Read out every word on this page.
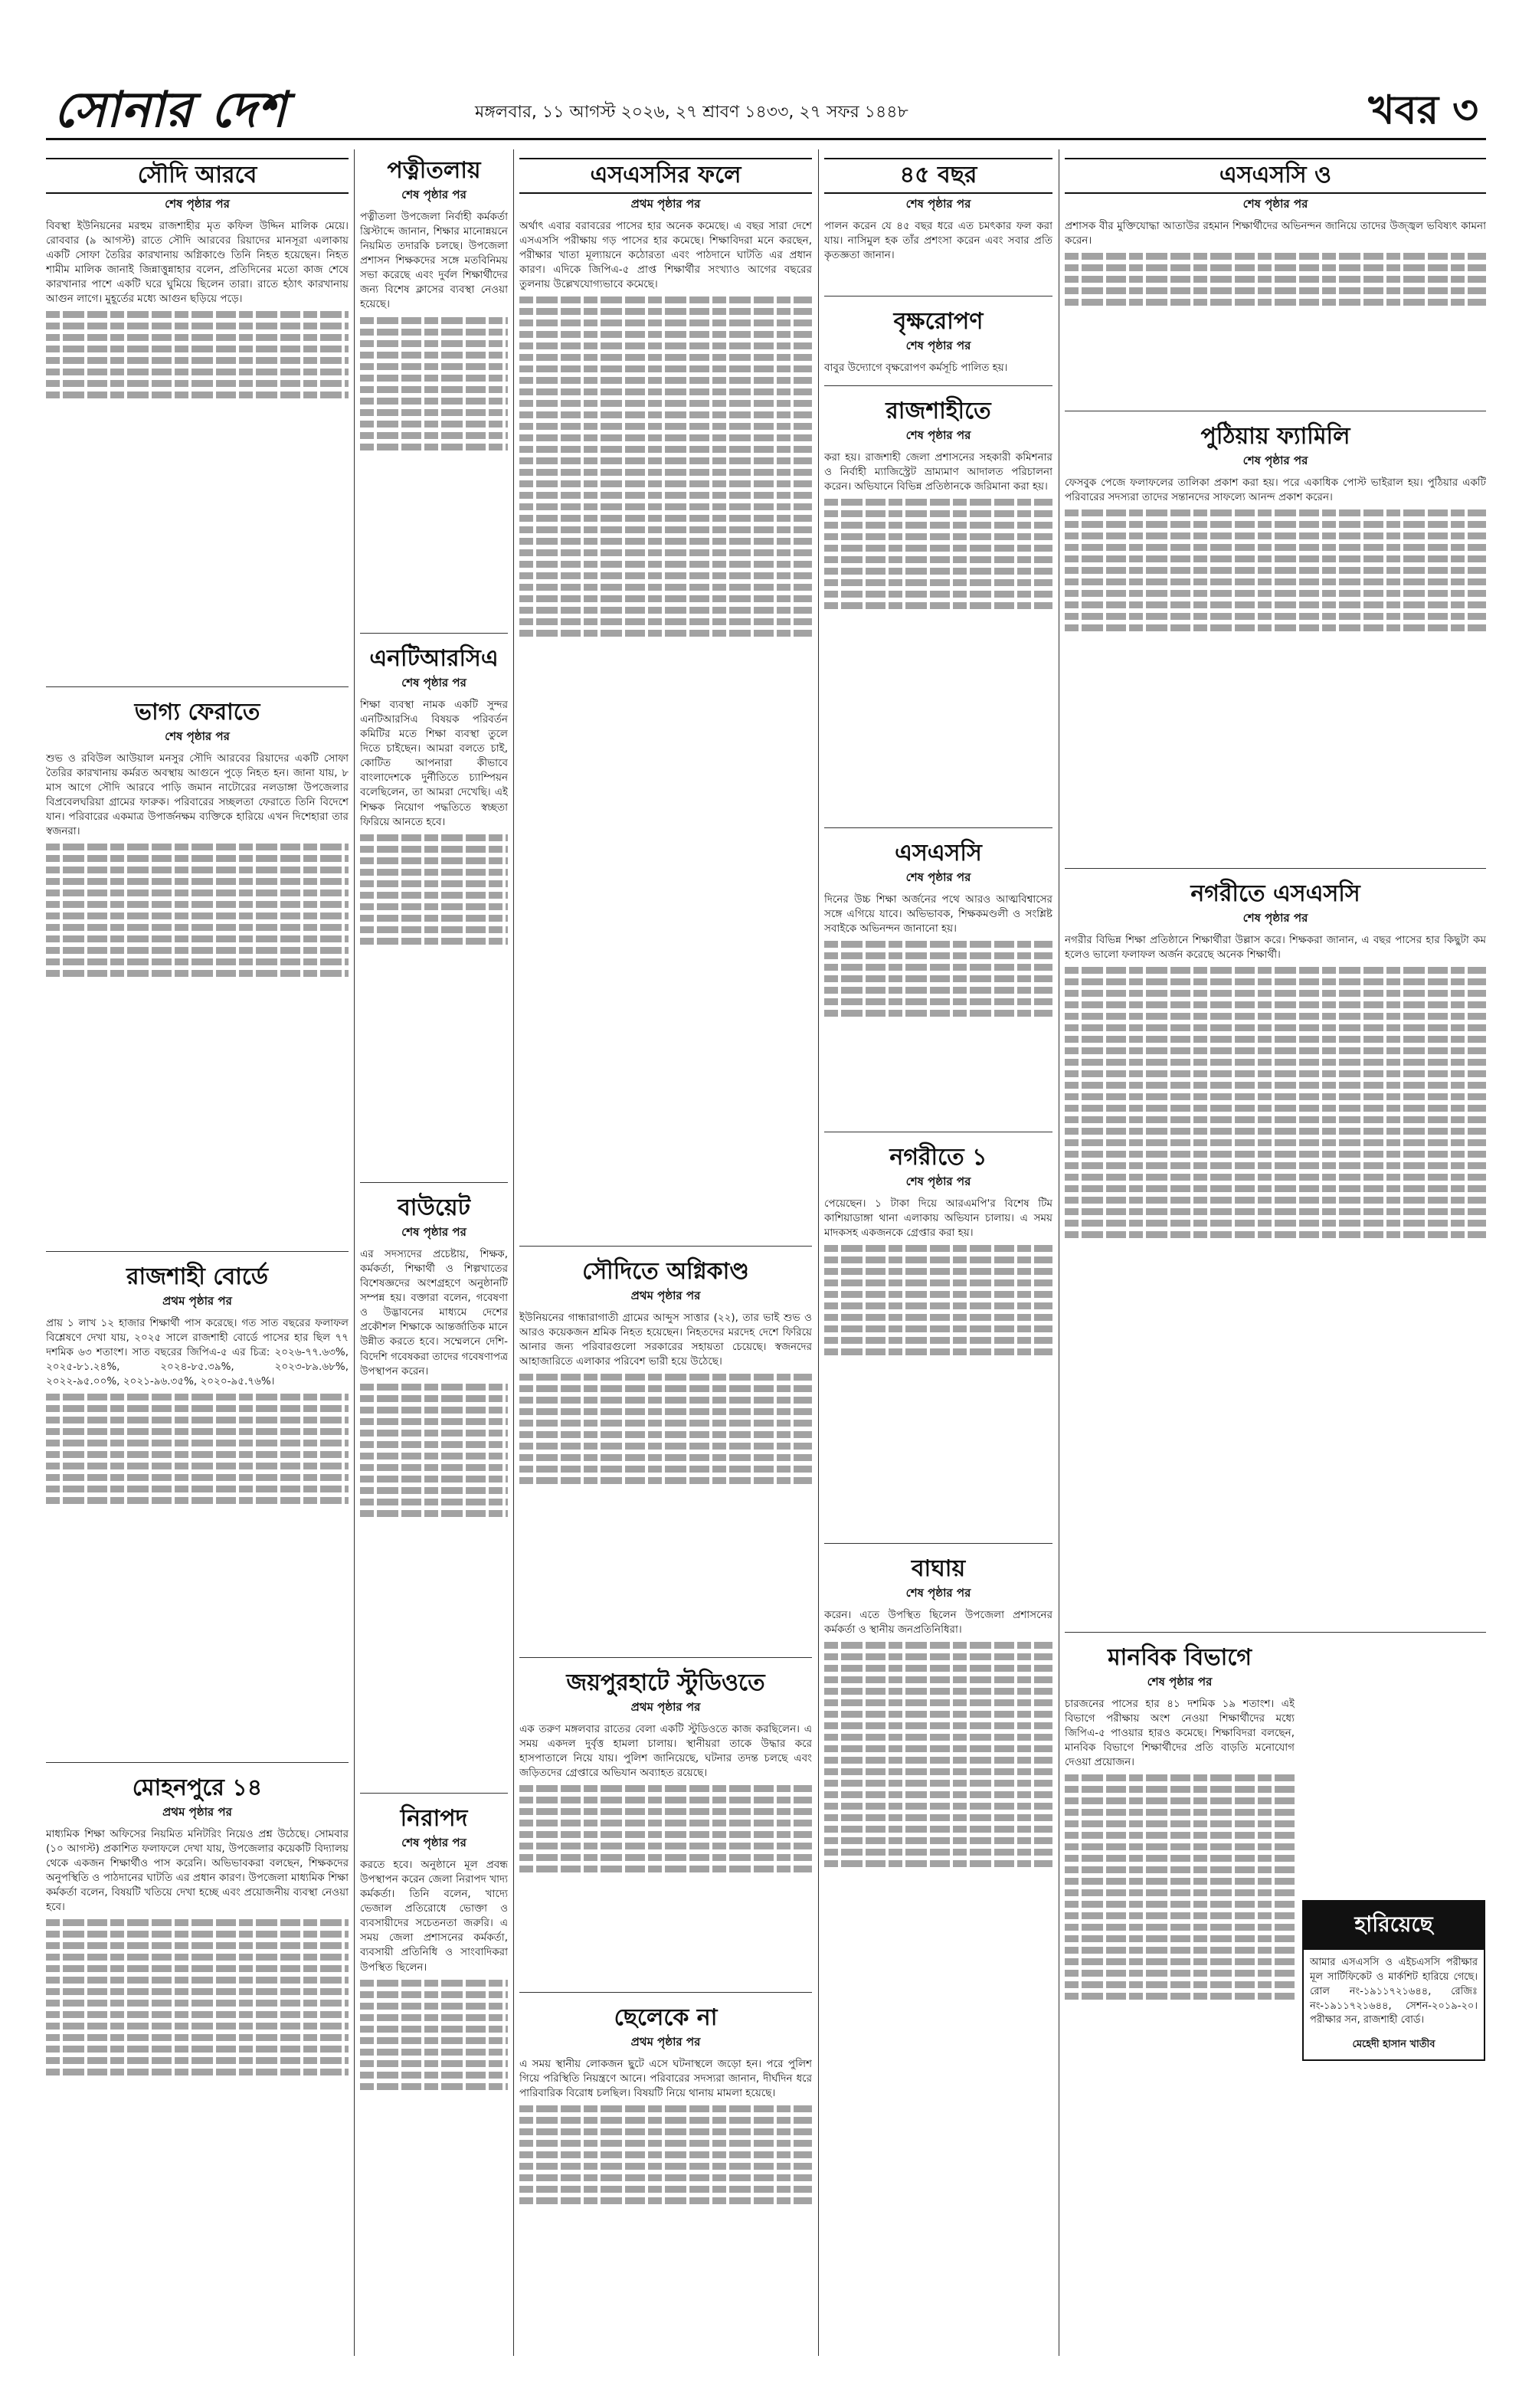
সোনার দেশ	মঙ্গলবার, ১১ আগস্ট ২০২৬, ২৭ শ্রাবণ ১৪৩৩, ২৭ সফর ১৪৪৮	খবর ৩
সৌদি আরবে
শেষ পৃষ্ঠার পর
বিবস্থা ইউনিয়নের মরহুম রাজশাহীর মৃত কফিল উদ্দিন মালিক মেয়ে। রোববার (৯ আগস্ট) রাতে সৌদি আরবের রিয়াদের মানসূরা এলাকায় একটি সোফা তৈরির কারখানায় অগ্নিকাণ্ডে তিনি নিহত হয়েছেন। নিহত শামীম মালিক জানাই জিন্নাত্তুন্নাহার বলেন, প্রতিদিনের মতো কাজ শেষে কারখানার পাশে একটি ঘরে ঘুমিয়ে ছিলেন তারা। রাতে হঠাৎ কারখানায় আগুন লাগে। মুহূর্তের মধ্যে আগুন ছড়িয়ে পড়ে।
ভাগ্য ফেরাতে
শেষ পৃষ্ঠার পর
শুভ ও রবিউল আউয়াল মনসুর সৌদি আরবের রিয়াদের একটি সোফা তৈরির কারখানায় কর্মরত অবস্থায় আগুনে পুড়ে নিহত হন। জানা যায়, ৮ মাস আগে সৌদি আরবে পাড়ি জমান নাটোরের নলডাঙ্গা উপজেলার বিপ্রবেলঘরিয়া গ্রামের ফারুক। পরিবারের সচ্ছলতা ফেরাতে তিনি বিদেশে যান। পরিবারের একমাত্র উপার্জনক্ষম ব্যক্তিকে হারিয়ে এখন দিশেহারা তার স্বজনরা।
রাজশাহী বোর্ডে
প্রথম পৃষ্ঠার পর
প্রায় ১ লাখ ১২ হাজার শিক্ষার্থী পাস করেছে। গত সাত বছরের ফলাফল বিশ্লেষণে দেখা যায়, ২০২৫ সালে রাজশাহী বোর্ডে পাসের হার ছিল ৭৭ দশমিক ৬৩ শতাংশ। সাত বছরের জিপিএ-৫ এর চিত্র: ২০২৬-৭৭.৬৩%, ২০২৫-৮১.২৪%, ২০২৪-৮৫.৩৯%, ২০২৩-৮৯.৬৮%, ২০২২-৯৫.০০%, ২০২১-৯৬.৩৫%, ২০২০-৯৫.৭৬%।
মোহনপুরে ১৪
প্রথম পৃষ্ঠার পর
মাধ্যমিক শিক্ষা অফিসের নিয়মিত মনিটরিং নিয়েও প্রশ্ন উঠেছে। সোমবার (১০ আগস্ট) প্রকাশিত ফলাফলে দেখা যায়, উপজেলার কয়েকটি বিদ্যালয় থেকে একজন শিক্ষার্থীও পাস করেনি। অভিভাবকরা বলছেন, শিক্ষকদের অনুপস্থিতি ও পাঠদানের ঘাটতি এর প্রধান কারণ। উপজেলা মাধ্যমিক শিক্ষা কর্মকর্তা বলেন, বিষয়টি খতিয়ে দেখা হচ্ছে এবং প্রয়োজনীয় ব্যবস্থা নেওয়া হবে।
পত্নীতলায়
শেষ পৃষ্ঠার পর
পত্নীতলা উপজেলা নির্বাহী কর্মকর্তা খ্রিস্টাব্দে জানান, শিক্ষার মানোন্নয়নে নিয়মিত তদারকি চলছে। উপজেলা প্রশাসন শিক্ষকদের সঙ্গে মতবিনিময় সভা করেছে এবং দুর্বল শিক্ষার্থীদের জন্য বিশেষ ক্লাসের ব্যবস্থা নেওয়া হয়েছে।
এনটিআরসিএ
শেষ পৃষ্ঠার পর
শিক্ষা ব্যবস্থা নামক একটি সুন্দর এনটিআরসিএ বিষয়ক পরিবর্তন কমিটির মতে শিক্ষা ব্যবস্থা তুলে দিতে চাইছেন। আমরা বলতে চাই, কোটিত আপনারা কীভাবে বাংলাদেশকে দুর্নীতিতে চ্যাম্পিয়ন বলেছিলেন, তা আমরা দেখেছি। এই শিক্ষক নিয়োগ পদ্ধতিতে স্বচ্ছতা ফিরিয়ে আনতে হবে।
বাউয়েট
শেষ পৃষ্ঠার পর
এর সদস্যদের প্রচেষ্টায়, শিক্ষক, কর্মকর্তা, শিক্ষার্থী ও শিল্পখাতের বিশেষজ্ঞদের অংশগ্রহণে অনুষ্ঠানটি সম্পন্ন হয়। বক্তারা বলেন, গবেষণা ও উদ্ভাবনের মাধ্যমে দেশের প্রকৌশল শিক্ষাকে আন্তর্জাতিক মানে উন্নীত করতে হবে। সম্মেলনে দেশি-বিদেশি গবেষকরা তাদের গবেষণাপত্র উপস্থাপন করেন।
নিরাপদ
শেষ পৃষ্ঠার পর
করতে হবে। অনুষ্ঠানে মূল প্রবন্ধ উপস্থাপন করেন জেলা নিরাপদ খাদ্য কর্মকর্তা। তিনি বলেন, খাদ্যে ভেজাল প্রতিরোধে ভোক্তা ও ব্যবসায়ীদের সচেতনতা জরুরি। এ সময় জেলা প্রশাসনের কর্মকর্তা, ব্যবসায়ী প্রতিনিধি ও সাংবাদিকরা উপস্থিত ছিলেন।
এসএসসির ফলে
প্রথম পৃষ্ঠার পর
অর্থাৎ এবার বরাবরের পাসের হার অনেক কমেছে। এ বছর সারা দেশে এসএসসি পরীক্ষায় গড় পাসের হার কমেছে। শিক্ষাবিদরা মনে করছেন, পরীক্ষার খাতা মূল্যায়নে কঠোরতা এবং পাঠদানে ঘাটতি এর প্রধান কারণ। এদিকে জিপিএ-৫ প্রাপ্ত শিক্ষার্থীর সংখ্যাও আগের বছরের তুলনায় উল্লেখযোগ্যভাবে কমেছে।
সৌদিতে অগ্নিকাণ্ড
প্রথম পৃষ্ঠার পর
ইউনিয়নের গান্ধারাগাতী গ্রামের আব্দুস সাত্তার (২২), তার ভাই শুভ ও আরও কয়েকজন শ্রমিক নিহত হয়েছেন। নিহতদের মরদেহ দেশে ফিরিয়ে আনার জন্য পরিবারগুলো সরকারের সহায়তা চেয়েছে। স্বজনদের আহাজারিতে এলাকার পরিবেশ ভারী হয়ে উঠেছে।
জয়পুরহাটে স্টুডিওতে
প্রথম পৃষ্ঠার পর
এক তরুণ মঙ্গলবার রাতের বেলা একটি স্টুডিওতে কাজ করছিলেন। এ সময় একদল দুর্বৃত্ত হামলা চালায়। স্থানীয়রা তাকে উদ্ধার করে হাসপাতালে নিয়ে যায়। পুলিশ জানিয়েছে, ঘটনার তদন্ত চলছে এবং জড়িতদের গ্রেপ্তারে অভিযান অব্যাহত রয়েছে।
ছেলেকে না
প্রথম পৃষ্ঠার পর
এ সময় স্থানীয় লোকজন ছুটে এসে ঘটনাস্থলে জড়ো হন। পরে পুলিশ গিয়ে পরিস্থিতি নিয়ন্ত্রণে আনে। পরিবারের সদস্যরা জানান, দীর্ঘদিন ধরে পারিবারিক বিরোধ চলছিল। বিষয়টি নিয়ে থানায় মামলা হয়েছে।
৪৫ বছর
শেষ পৃষ্ঠার পর
পালন করেন যে ৪৫ বছর ধরে এত চমৎকার ফল করা যায়। নাসিমুল হক তাঁর প্রশংসা করেন এবং সবার প্রতি কৃতজ্ঞতা জানান।
বৃক্ষরোপণ
শেষ পৃষ্ঠার পর
বাবুর উদ্যোগে বৃক্ষরোপণ কর্মসূচি পালিত হয়।
রাজশাহীতে
শেষ পৃষ্ঠার পর
করা হয়। রাজশাহী জেলা প্রশাসনের সহকারী কমিশনার ও নির্বাহী ম্যাজিস্ট্রেট ভ্রাম্যমাণ আদালত পরিচালনা করেন। অভিযানে বিভিন্ন প্রতিষ্ঠানকে জরিমানা করা হয়।
এসএসসি
শেষ পৃষ্ঠার পর
দিনের উচ্চ শিক্ষা অর্জনের পথে আরও আত্মবিশ্বাসের সঙ্গে এগিয়ে যাবে। অভিভাবক, শিক্ষকমণ্ডলী ও সংশ্লিষ্ট সবাইকে অভিনন্দন জানানো হয়।
নগরীতে ১
শেষ পৃষ্ঠার পর
পেয়েছেন। ১ টাকা দিয়ে আরএমপি'র বিশেষ টিম কাশিয়াডাঙ্গা থানা এলাকায় অভিযান চালায়। এ সময় মাদকসহ একজনকে গ্রেপ্তার করা হয়।
বাঘায়
শেষ পৃষ্ঠার পর
করেন। এতে উপস্থিত ছিলেন উপজেলা প্রশাসনের কর্মকর্তা ও স্থানীয় জনপ্রতিনিধিরা।
এসএসসি ও
শেষ পৃষ্ঠার পর
প্রশাসক বীর মুক্তিযোদ্ধা আতাউর রহমান শিক্ষার্থীদের অভিনন্দন জানিয়ে তাদের উজ্জ্বল ভবিষ্যৎ কামনা করেন।
পুঠিয়ায় ফ্যামিলি
শেষ পৃষ্ঠার পর
ফেসবুক পেজে ফলাফলের তালিকা প্রকাশ করা হয়। পরে একাধিক পোস্ট ভাইরাল হয়। পুঠিয়ার একটি পরিবারের সদস্যরা তাদের সন্তানদের সাফল্যে আনন্দ প্রকাশ করেন।
নগরীতে এসএসসি
শেষ পৃষ্ঠার পর
নগরীর বিভিন্ন শিক্ষা প্রতিষ্ঠানে শিক্ষার্থীরা উল্লাস করে। শিক্ষকরা জানান, এ বছর পাসের হার কিছুটা কম হলেও ভালো ফলাফল অর্জন করেছে অনেক শিক্ষার্থী।
মানবিক বিভাগে
শেষ পৃষ্ঠার পর
চারজনের পাসের হার ৪১ দশমিক ১৯ শতাংশ। এই বিভাগে পরীক্ষায় অংশ নেওয়া শিক্ষার্থীদের মধ্যে জিপিএ-৫ পাওয়ার হারও কমেছে। শিক্ষাবিদরা বলছেন, মানবিক বিভাগে শিক্ষার্থীদের প্রতি বাড়তি মনোযোগ দেওয়া প্রয়োজন।
হারিয়েছে
আমার এসএসসি ও এইচএসসি পরীক্ষার মূল সার্টিফিকেট ও মার্কশিট হারিয়ে গেছে। রোল নং-১৯১১৭২১৬৪৪, রেজিঃ নং-১৯১১৭২১৬৪৪, সেশন-২০১৯-২০। পরীক্ষার সন, রাজশাহী বোর্ড।
মেহেদী হাসান খাতীব
